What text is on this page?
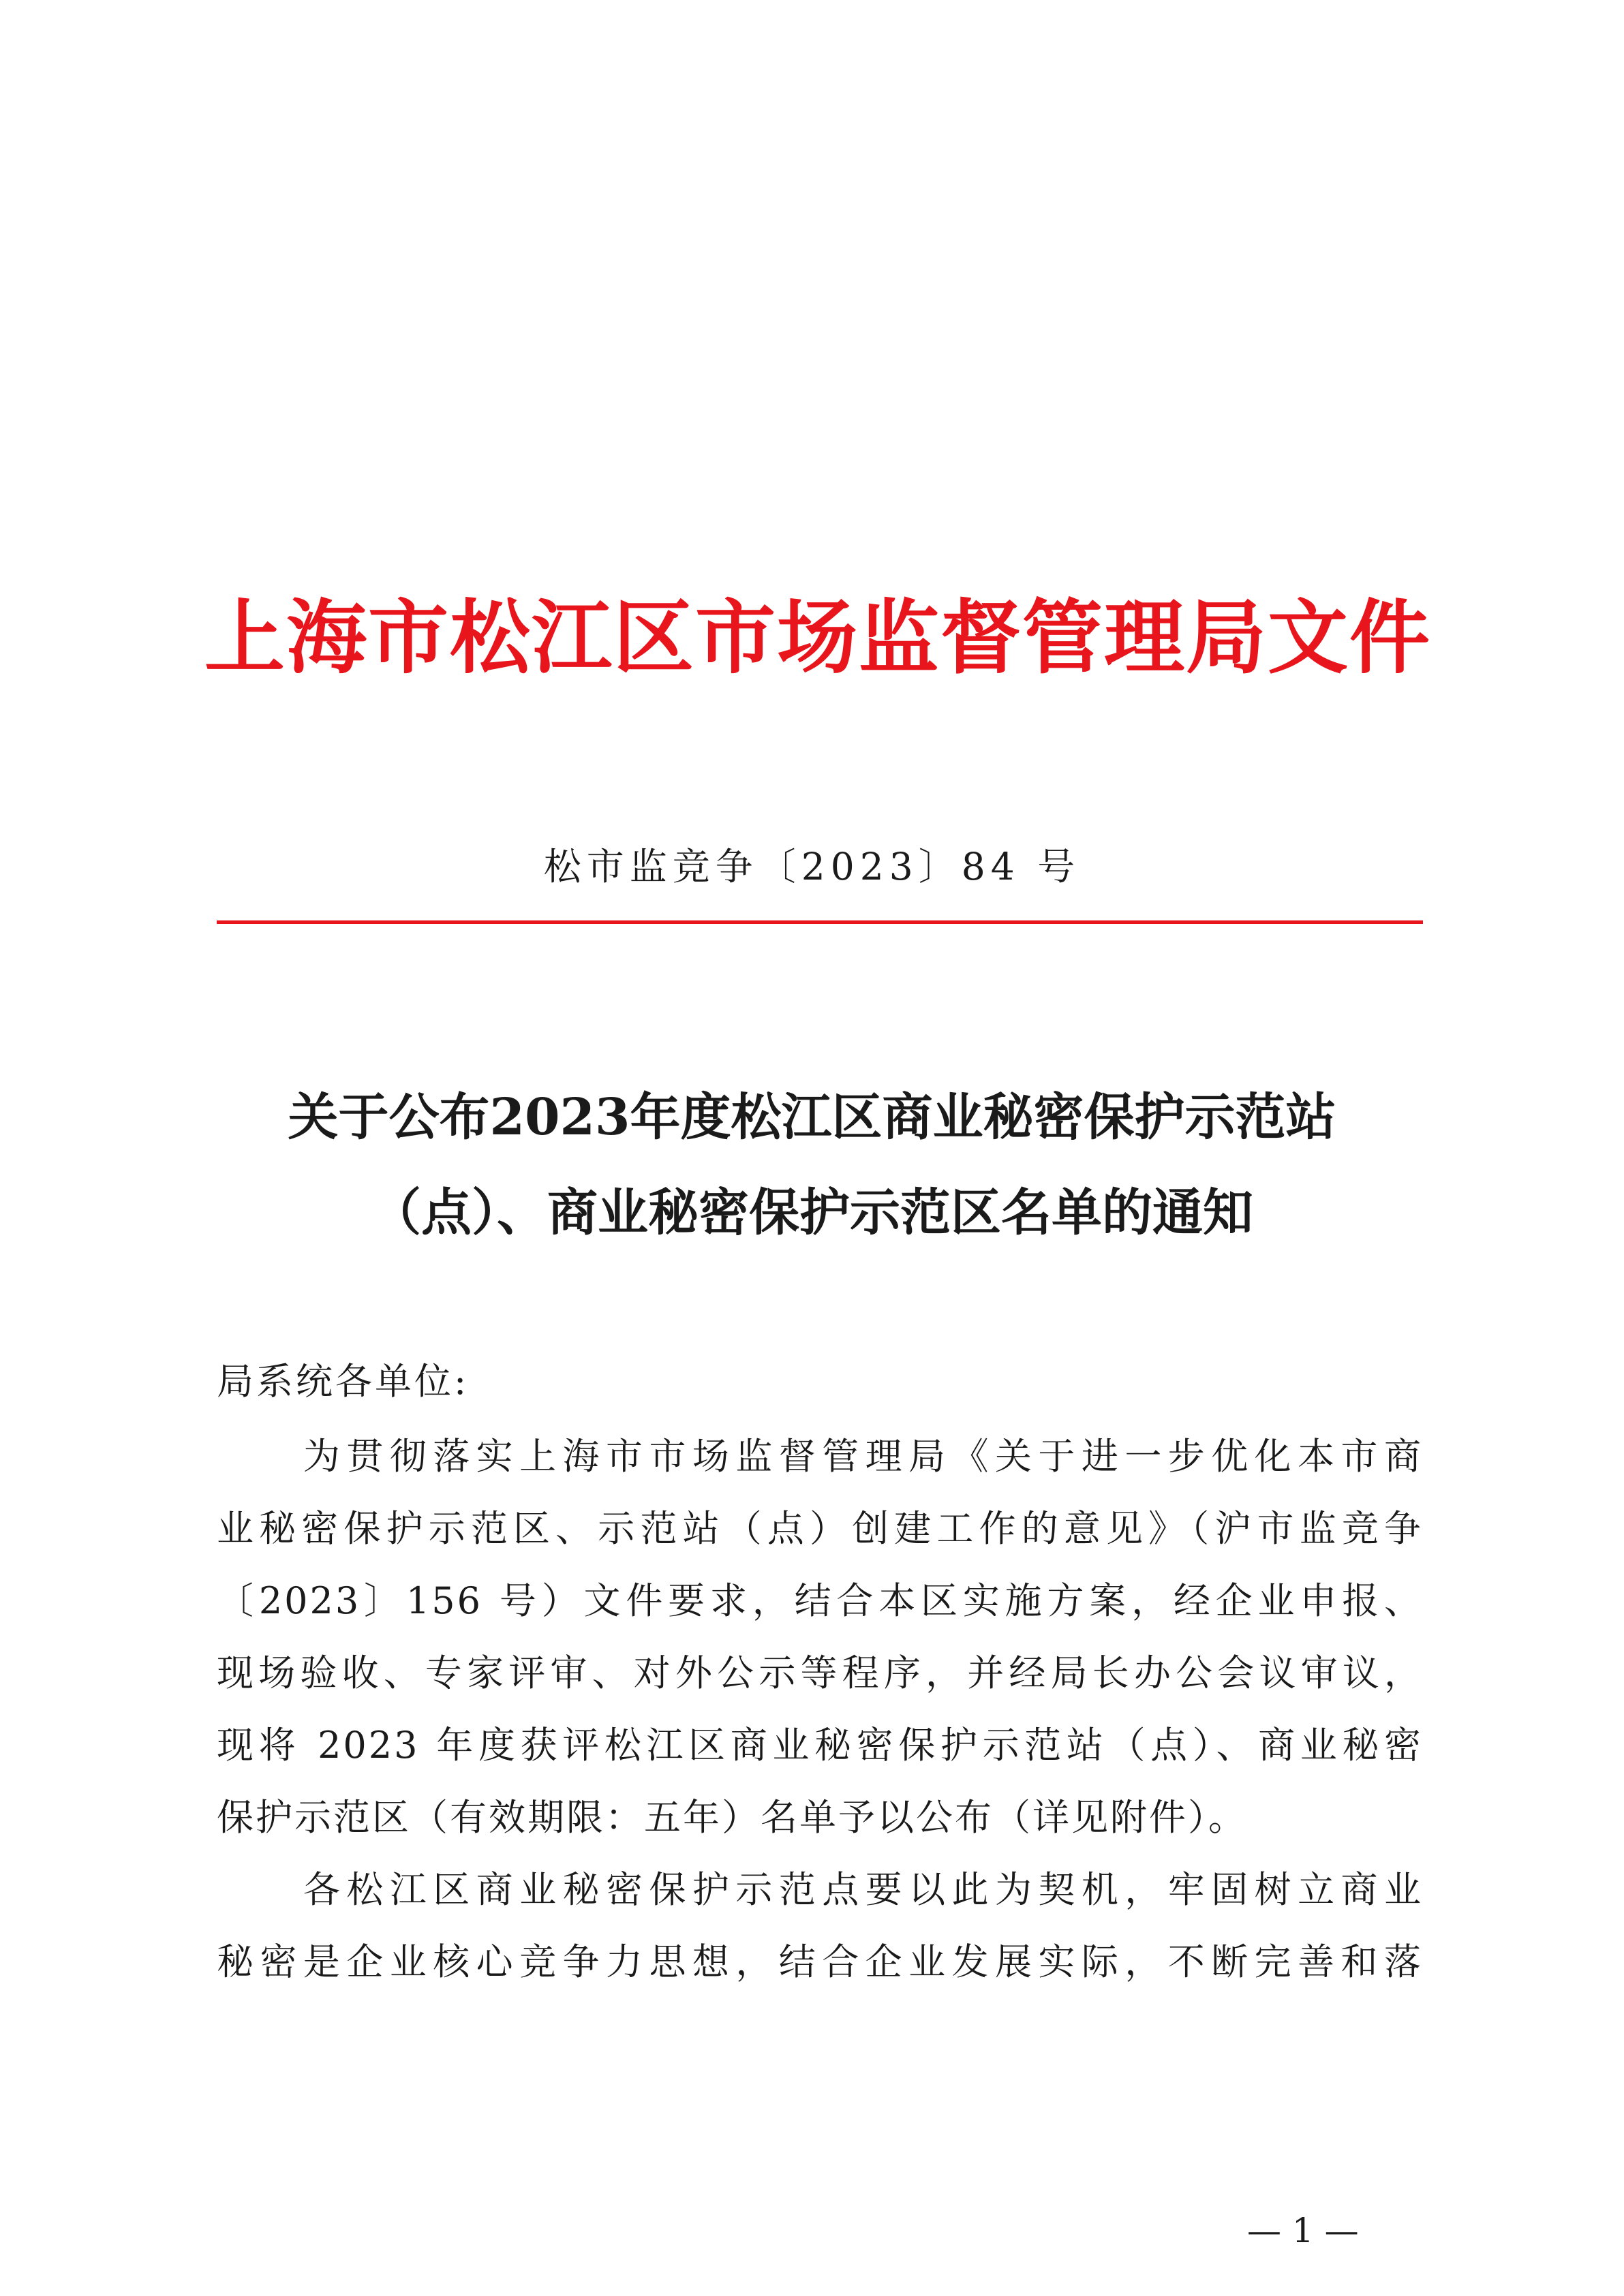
上海市松江区市场监督管理局文件
松市监竞争〔2023〕84 号
关于公布2023年度松江区商业秘密保护示范站
（点）、商业秘密保护示范区名单的通知
局系统各单位:
　　为贯彻落实上海市市场监督管理局《关于进一步优化本市商
业秘密保护示范区、示范站（点）创建工作的意见》（沪市监竞争
〔2023〕156 号）文件要求，结合本区实施方案，经企业申报、
现场验收、专家评审、对外公示等程序，并经局长办公会议审议，
现将 2023 年度获评松江区商业秘密保护示范站（点）、商业秘密
保护示范区（有效期限：五年）名单予以公布（详见附件）。
　　各松江区商业秘密保护示范点要以此为契机，牢固树立商业
秘密是企业核心竞争力思想，结合企业发展实际，不断完善和落
— 1 —
